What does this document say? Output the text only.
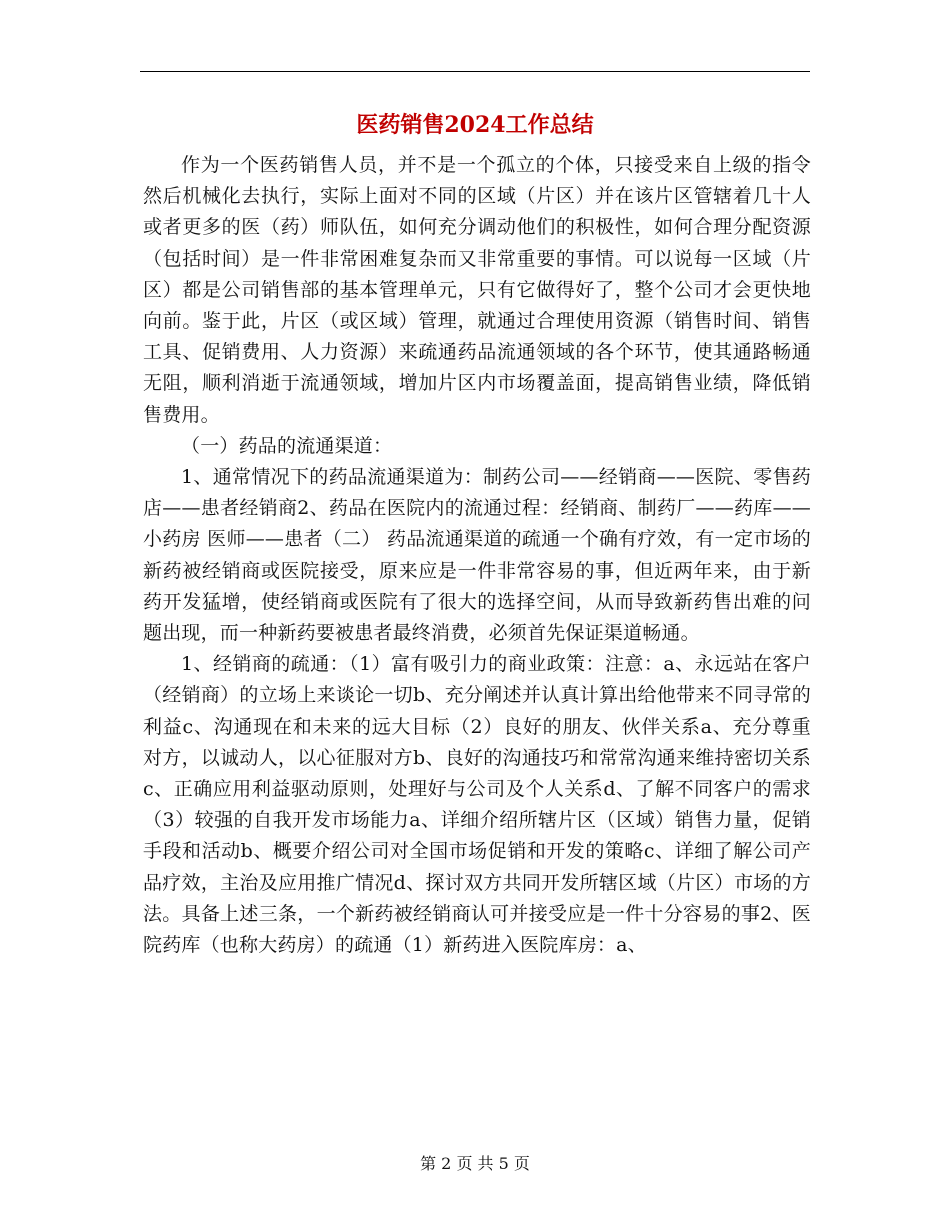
医药销售2024工作总结

作为一个医药销售人员，并不是一个孤立的个体，只接受来自上级的指令然后机械化去执行，实际上面对不同的区域（片区）并在该片区管辖着几十人或者更多的医（药）师队伍，如何充分调动他们的积极性，如何合理分配资源（包括时间）是一件非常困难复杂而又非常重要的事情。可以说每一区域（片区）都是公司销售部的基本管理单元，只有它做得好了，整个公司才会更快地向前。鉴于此，片区（或区域）管理，就通过合理使用资源（销售时间、销售工具、促销费用、人力资源）来疏通药品流通领域的各个环节，使其通路畅通无阻，顺利消逝于流通领域，增加片区内市场覆盖面，提高销售业绩，降低销售费用。

（一）药品的流通渠道：

1、通常情况下的药品流通渠道为：制药公司——经销商——医院、零售药店——患者经销商2、药品在医院内的流通过程：经销商、制药厂——药库——小药房 医师——患者（二） 药品流通渠道的疏通一个确有疗效，有一定市场的新药被经销商或医院接受，原来应是一件非常容易的事，但近两年来，由于新药开发猛增，使经销商或医院有了很大的选择空间，从而导致新药售出难的问题出现，而一种新药要被患者最终消费，必须首先保证渠道畅通。

1、经销商的疏通：（1）富有吸引力的商业政策：注意：a、永远站在客户（经销商）的立场上来谈论一切b、充分阐述并认真计算出给他带来不同寻常的利益c、沟通现在和未来的远大目标（2）良好的朋友、伙伴关系a、充分尊重对方，以诚动人，以心征服对方b、良好的沟通技巧和常常沟通来维持密切关系c、正确应用利益驱动原则，处理好与公司及个人关系d、了解不同客户的需求（3）较强的自我开发市场能力a、详细介绍所辖片区（区域）销售力量，促销手段和活动b、概要介绍公司对全国市场促销和开发的策略c、详细了解公司产品疗效，主治及应用推广情况d、探讨双方共同开发所辖区域（片区）市场的方法。具备上述三条，一个新药被经销商认可并接受应是一件十分容易的事2、医院药库（也称大药房）的疏通（1）新药进入医院库房：a、

第 2 页 共 5 页
